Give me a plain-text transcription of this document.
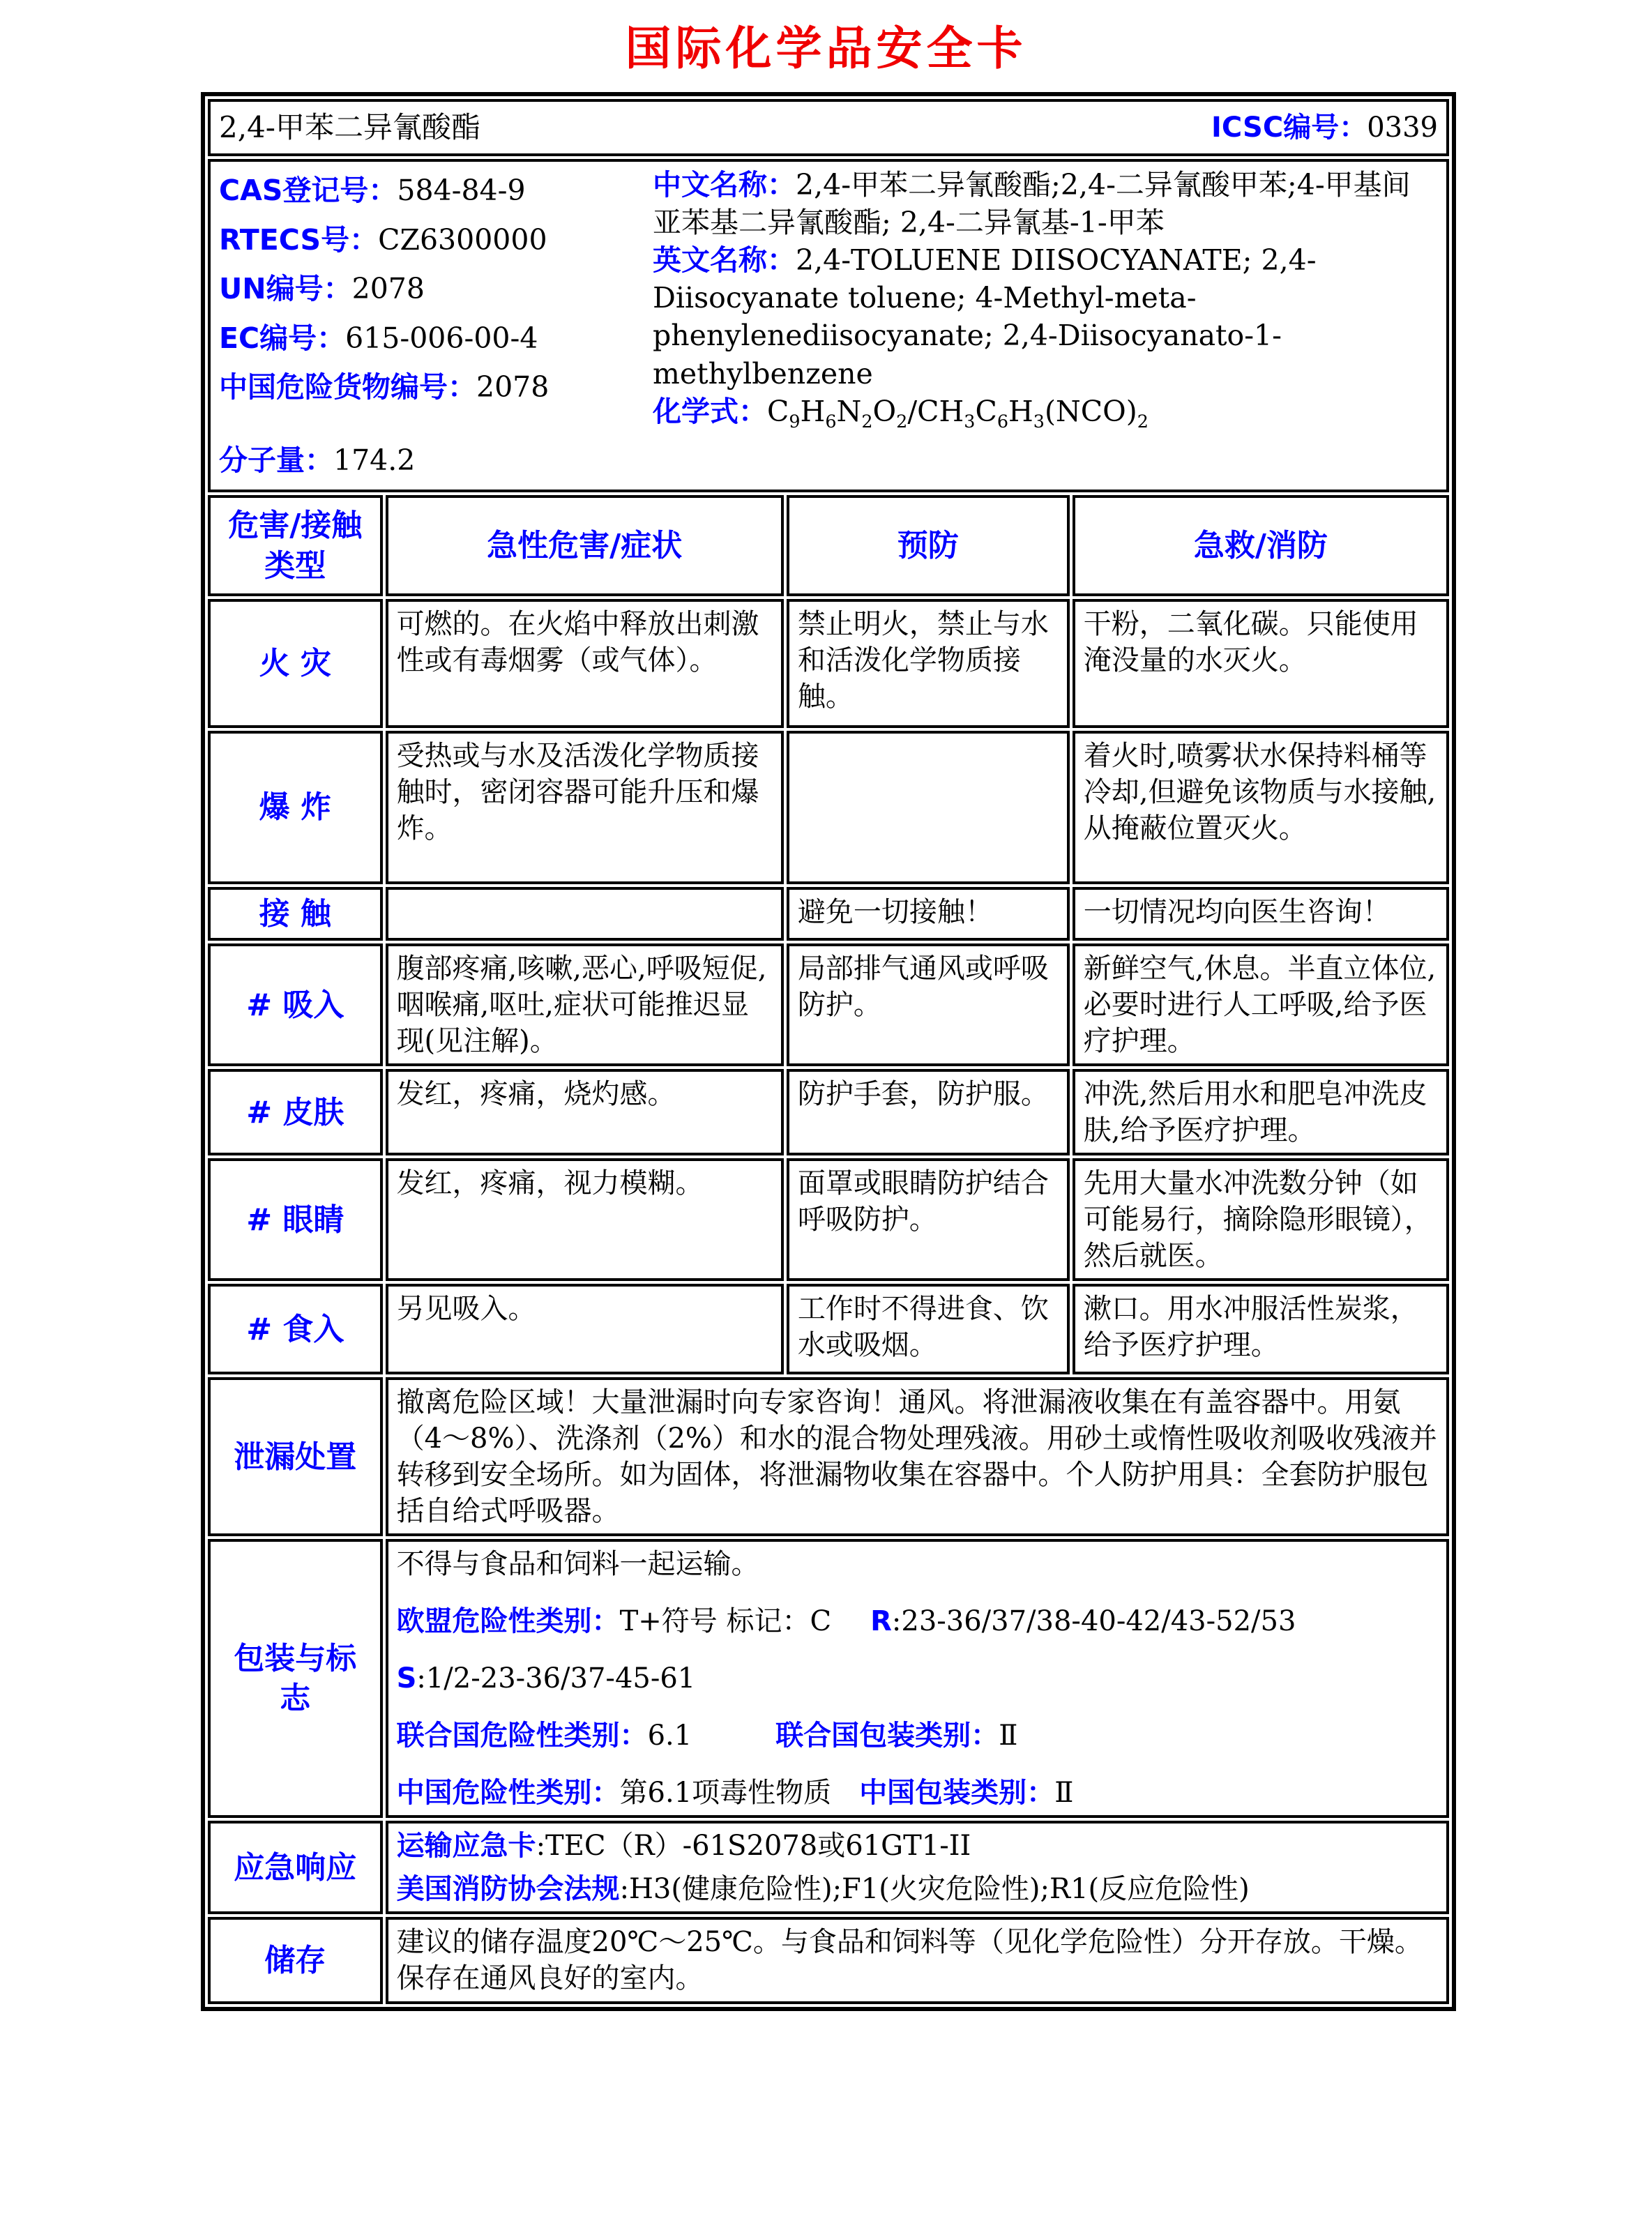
国际化学品安全卡
2,4-甲苯二异氰酸酯 ICSC编号：0339			

CAS登记号：584-84-9

RTECS号：CZ6300000

UN编号：2078

EC编号：615-006-00-4

中国危险货物编号：2078

分子量：174.2

中文名称：2,4-甲苯二异氰酸酯;2,4-二异氰酸甲苯;4-甲基间亚苯基二异氰酸酯; 2,4-二异氰基-1-甲苯

英文名称：2,4-TOLUENE DIISOCYANATE; 2,4-Diisocyanate toluene; 4-Methyl-meta-phenylenediisocyanate; 2,4-Diisocyanato-1-methylbenzene

化学式：$C_9H_6N_2O_2/CH_3C_6H_3(NCO)_2$

危害/接触类型	急性危害/症状	预防	急救/消防
火 灾	可燃的。在火焰中释放出刺激性或有毒烟雾（或气体）。	禁止明火，禁止与水和活泼化学物质接触。	干粉，二氧化碳。只能使用淹没量的水灭火。
爆 炸	受热或与水及活泼化学物质接触时，密闭容器可能升压和爆炸。		着火时,喷雾状水保持料桶等冷却,但避免该物质与水接触,从掩蔽位置灭火。
接 触		避免一切接触！	一切情况均向医生咨询！
# 吸入	腹部疼痛,咳嗽,恶心,呼吸短促,咽喉痛,呕吐,症状可能推迟显现(见注解)。	局部排气通风或呼吸防护。	新鲜空气,休息。半直立体位,必要时进行人工呼吸,给予医疗护理。
# 皮肤	发红，疼痛，烧灼感。	防护手套，防护服。	冲洗,然后用水和肥皂冲洗皮肤,给予医疗护理。
# 眼睛	发红，疼痛，视力模糊。	面罩或眼睛防护结合呼吸防护。	先用大量水冲洗数分钟（如可能易行，摘除隐形眼镜），然后就医。
# 食入	另见吸入。	工作时不得进食、饮水或吸烟。	漱口。用水冲服活性炭浆，给予医疗护理。
泄漏处置	撤离危险区域！大量泄漏时向专家咨询！通风。将泄漏液收集在有盖容器中。用氨（4～8%）、洗涤剂（2%）和水的混合物处理残液。用砂土或惰性吸收剂吸收残液并转移到安全场所。如为固体，将泄漏物收集在容器中。个人防护用具：全套防护服包括自给式呼吸器。		
包装与标志	不得与食品和饲料一起运输。

欧盟危险性类别：T+符号 标记：C R:23-36/37/38-40-42/43-52/53

S:1/2-23-36/37-45-61

联合国危险性类别：6.1 联合国包装类别：Ⅱ

中国危险性类别：第6.1项毒性物质 中国包装类别：Ⅱ		

应急响应	运输应急卡:TEC（R）-61S2078或61GT1-II

美国消防协会法规:H3(健康危险性);F1(火灾危险性);R1(反应危险性)		

储存	建议的储存温度20℃～25℃。与食品和饲料等（见化学危险性）分开存放。干燥。保存在通风良好的室内。		
